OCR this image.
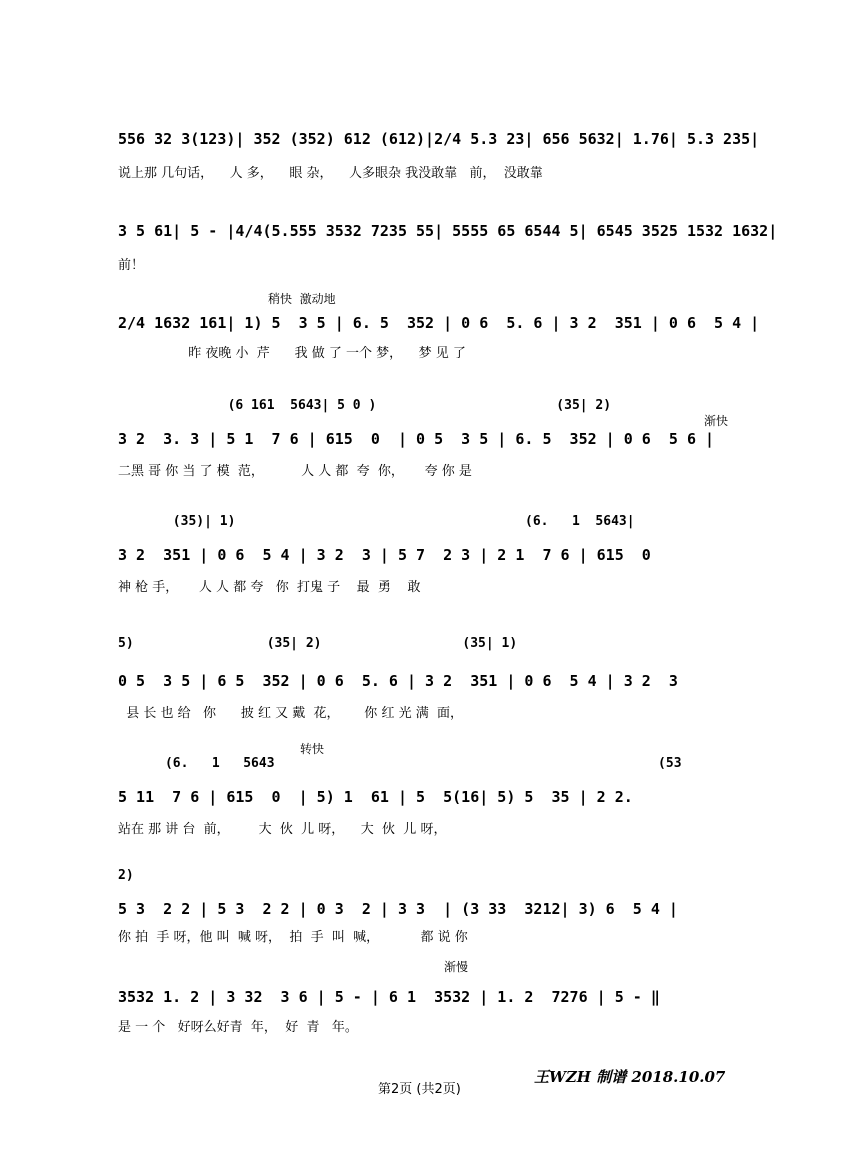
556 32 3(123)| 352 (352) 612 (612)|2/4 5.3 23| 656 5632| 1.76| 5.3 235|
说上那 几句话，    人 多，    眼 杂，    人多眼杂 我没敢靠   前，  没敢靠
3 5 61| 5 - |4/4(5.555 3532 7235 55| 5555 65 6544 5| 6545 3525 1532 1632|
前！
稍快  激动地
2/4 1632 161| 1) 5  3 5 | 6. 5  352 | 0 6  5. 6 | 3 2  351 | 0 6  5 4 |
昨 夜晚 小  芹      我 做 了 一个 梦，    梦 见 了
渐快
(6 161  5643| 5 0 )                       (35| 2)
3 2  3. 3 | 5 1  7 6 | 615  0  | 0 5  3 5 | 6. 5  352 | 0 6  5 6 |
二黑 哥 你 当 了 模  范，         人 人 都  夸  你，     夸 你 是
(35)| 1)                                     (6.   1  5643|
3 2  351 | 0 6  5 4 | 3 2  3 | 5 7  2 3 | 2 1  7 6 | 615  0
神 枪 手，     人 人 都 夸   你  打鬼 子    最  勇    敢
5)                 (35| 2)                  (35| 1)
0 5  3 5 | 6 5  352 | 0 6  5. 6 | 3 2  351 | 0 6  5 4 | 3 2  3
县 长 也 给   你      披 红 又 戴  花，      你 红 光 满  面，
转快
(6.   1   5643                                                 (53
5 11  7 6 | 615  0  | 5) 1  61 | 5  5(16| 5) 5  35 | 2 2.
站在 那 讲 台  前，       大  伙  儿 呀，    大  伙  儿 呀，
2)
5 3  2 2 | 5 3  2 2 | 0 3  2 | 3 3  | (3 33  3212| 3) 6  5 4 |
你 拍  手 呀，他 叫  喊 呀，  拍  手  叫  喊，          都 说 你
渐慢
3532 1. 2 | 3 32  3 6 | 5 - | 6 1  3532 | 1. 2  7276 | 5 - ‖
是 一 个   好呀么好青  年，  好  青   年。
第2页 (共2页)
王WZH 制谱 2018.10.07
